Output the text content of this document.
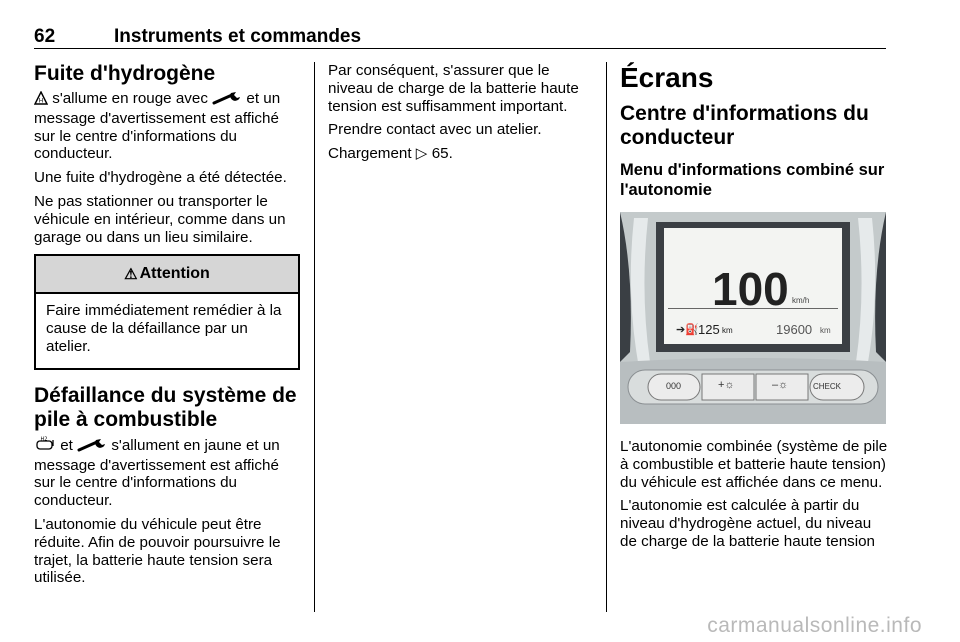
62	Instruments et commandes
Fuite d'hydrogène

H s'allume en rouge avec  et un message d'avertissement est affiché sur le centre d'informations du conducteur.

Une fuite d'hydrogène a été détectée.

Ne pas stationner ou transporter le véhicule en intérieur, comme dans un garage ou dans un lieu similaire.

⚠ Attention

Faire immédiatement remédier à la cause de la défaillance par un atelier.

Défaillance du système de pile à combustible

H2 et  s'allument en jaune et un message d'avertissement est affiché sur le centre d'informations du conducteur.

L'autonomie du véhicule peut être réduite. Afin de pouvoir poursuivre le trajet, la batterie haute tension sera utilisée.

Par conséquent, s'assurer que le niveau de charge de la batterie haute tension est suffisamment important.

Prendre contact avec un atelier.

Chargement ▷ 65.

Écrans
Centre d'informations du conducteur
Menu d'informations combiné sur l'autonomie
100 km/h
➔⛽ 125 km	19600 km
000	+☼	–☼	CHECK

L'autonomie combinée (système de pile à combustible et batterie haute tension) du véhicule est affichée dans ce menu.

L'autonomie est calculée à partir du niveau d'hydrogène actuel, du niveau de charge de la batterie haute tension

carmanualsonline.info
